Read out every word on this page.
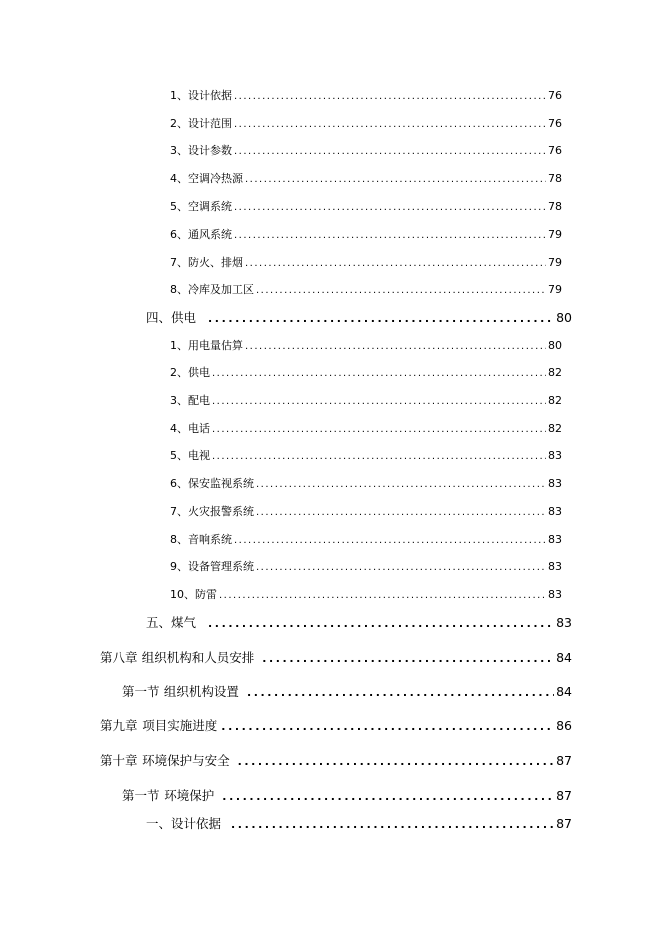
1、设计依据 .....	76
2、设计范围 .....	76
3、设计参数 .....	76
4、空调冷热源 .....	78
5、空调系统 .....	78
6、通风系统 .....	79
7、防火、排烟 .....	79
8、冷库及加工区 .....	79
四、供电 .....	80
1、用电量估算 .....	80
2、供电 .....	82
3、配电 .....	82
4、电话 .....	82
5、电视 .....	83
6、保安监视系统 .....	83
7、火灾报警系统 .....	83
8、音响系统 .....	83
9、设备管理系统 .....	83
10、防雷 .....	83
五、煤气 .....	83
第八章 组织机构和人员安排 .....	84
第一节 组织机构设置 .....	84
第九章 项目实施进度 .....	86
第十章 环境保护与安全 .....	87
第一节 环境保护 .....	87
一、设计依据 .....	87
